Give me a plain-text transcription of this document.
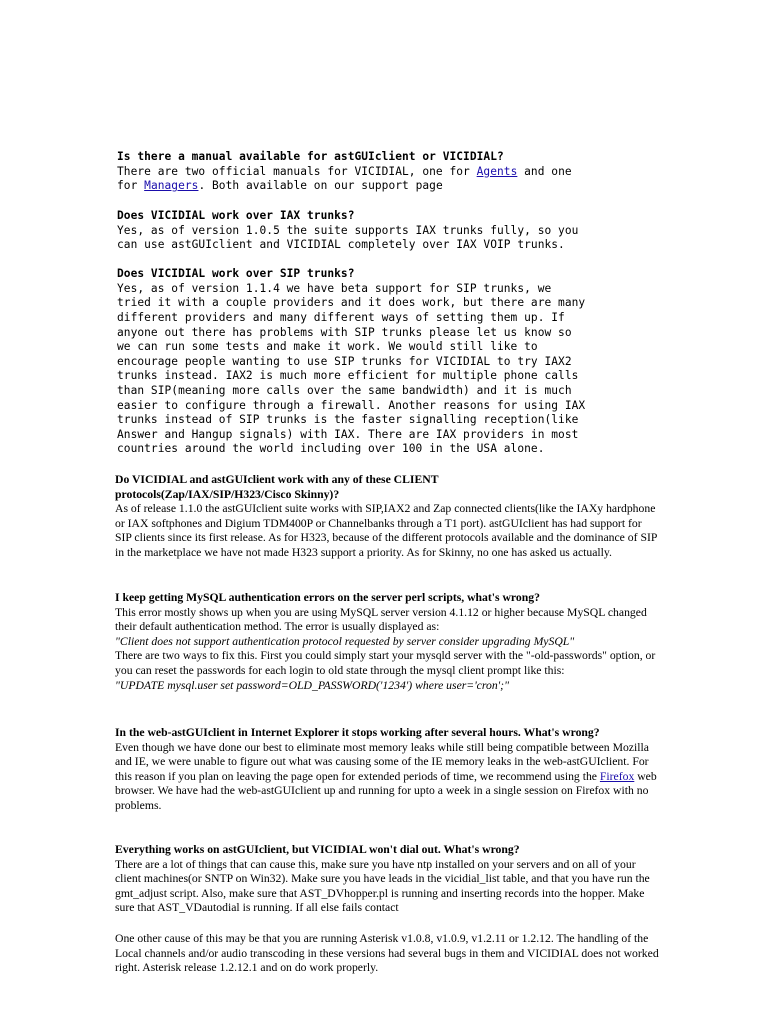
Is there a manual available for astGUIclient or VICIDIAL?
There are two official manuals for VICIDIAL, one for Agents and one
for Managers. Both available on our support page

Does VICIDIAL work over IAX trunks?
Yes, as of version 1.0.5 the suite supports IAX trunks fully, so you
can use astGUIclient and VICIDIAL completely over IAX VOIP trunks.

Does VICIDIAL work over SIP trunks?
Yes, as of version 1.1.4 we have beta support for SIP trunks, we
tried it with a couple providers and it does work, but there are many
different providers and many different ways of setting them up. If
anyone out there has problems with SIP trunks please let us know so
we can run some tests and make it work. We would still like to
encourage people wanting to use SIP trunks for VICIDIAL to try IAX2
trunks instead. IAX2 is much more efficient for multiple phone calls
than SIP(meaning more calls over the same bandwidth) and it is much
easier to configure through a firewall. Another reasons for using IAX
trunks instead of SIP trunks is the faster signalling reception(like
Answer and Hangup signals) with IAX. There are IAX providers in most
countries around the world including over 100 in the USA alone.

Do VICIDIAL and astGUIclient work with any of these CLIENT
protocols(Zap/IAX/SIP/H323/Cisco Skinny)?
As of release 1.1.0 the astGUIclient suite works with SIP,IAX2 and Zap connected clients(like the IAXy hardphone or IAX softphones and Digium TDM400P or Channelbanks through a T1 port). astGUIclient has had support for SIP clients since its first release. As for H323, because of the different protocols available and the dominance of SIP in the marketplace we have not made H323 support a priority. As for Skinny, no one has asked us actually.
I keep getting MySQL authentication errors on the server perl scripts, what's wrong?
This error mostly shows up when you are using MySQL server version 4.1.12 or higher because MySQL changed their default authentication method. The error is usually displayed as:
"Client does not support authentication protocol requested by server consider upgrading MySQL"
There are two ways to fix this. First you could simply start your mysqld server with the "-old-passwords" option, or you can reset the passwords for each login to old state through the mysql client prompt like this:
"UPDATE mysql.user set password=OLD_PASSWORD('1234') where user='cron';"
In the web-astGUIclient in Internet Explorer it stops working after several hours. What's wrong?
Even though we have done our best to eliminate most memory leaks while still being compatible between Mozilla and IE, we were unable to figure out what was causing some of the IE memory leaks in the web-astGUIclient. For this reason if you plan on leaving the page open for extended periods of time, we recommend using the Firefox web browser. We have had the web-astGUIclient up and running for upto a week in a single session on Firefox with no problems.
Everything works on astGUIclient, but VICIDIAL won't dial out. What's wrong?
There are a lot of things that can cause this, make sure you have ntp installed on your servers and on all of your client machines(or SNTP on Win32). Make sure you have leads in the vicidial_list table, and that you have run the gmt_adjust script. Also, make sure that AST_DVhopper.pl is running and inserting records into the hopper. Make sure that AST_VDautodial is running. If all else fails contact
One other cause of this may be that you are running Asterisk v1.0.8, v1.0.9, v1.2.11 or 1.2.12. The handling of the Local channels and/or audio transcoding in these versions had several bugs in them and VICIDIAL does not worked right. Asterisk release 1.2.12.1 and on do work properly.
